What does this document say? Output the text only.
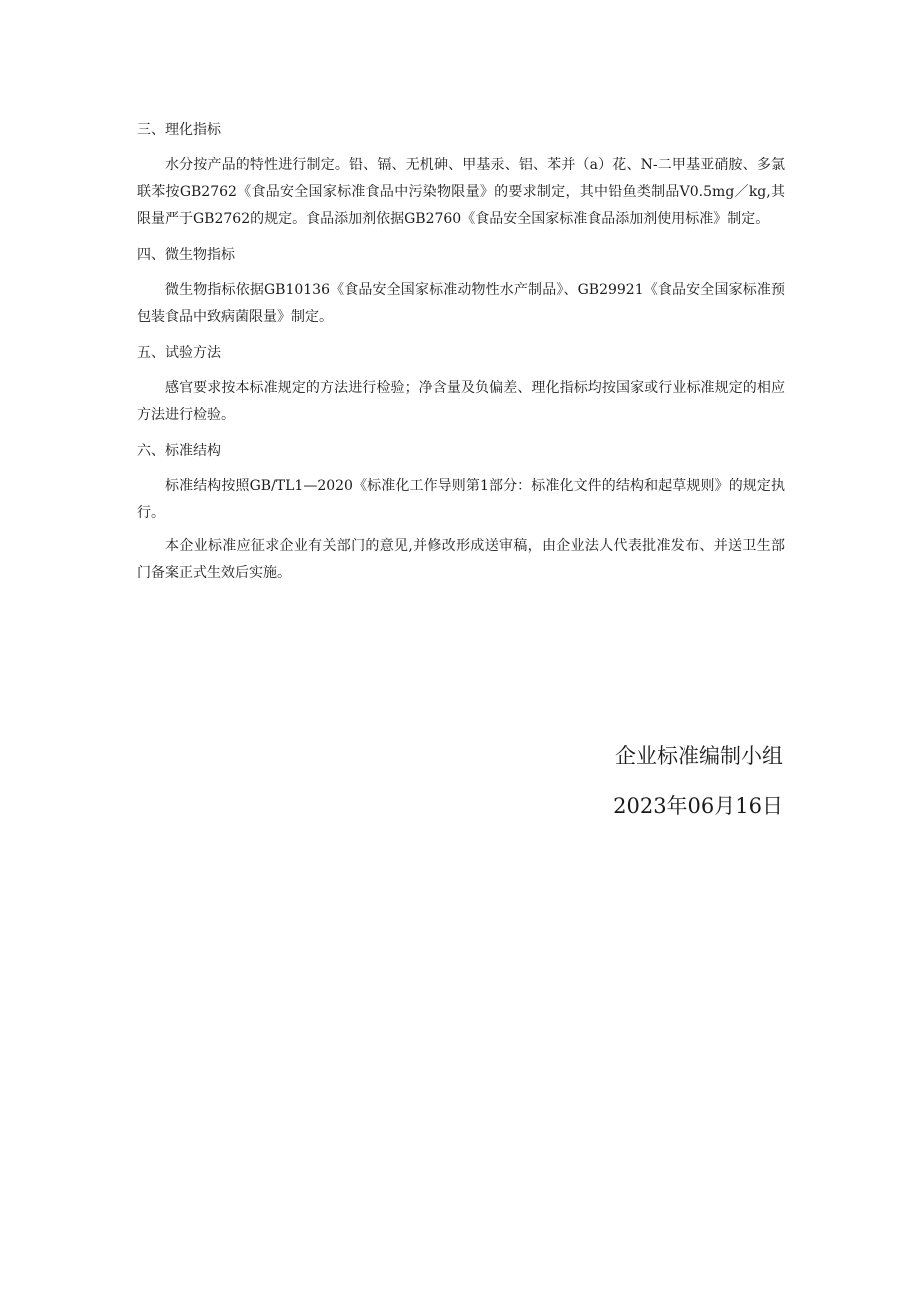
三、理化指标

水分按产品的特性进行制定。铅、镉、无机砷、甲基汞、铝、苯并（a）花、N-二甲基亚硝胺、多氯联苯按GB2762《食品安全国家标准食品中污染物限量》的要求制定，其中铅鱼类制品V0.5mg／kg,其限量严于GB2762的规定。食品添加剂依据GB2760《食品安全国家标准食品添加剂使用标准》制定。

四、微生物指标

微生物指标依据GB10136《食品安全国家标准动物性水产制品》、GB29921《食品安全国家标准预包装食品中致病菌限量》制定。

五、试验方法

感官要求按本标准规定的方法进行检验；净含量及负偏差、理化指标均按国家或行业标准规定的相应方法进行检验。

六、标准结构

标准结构按照GB/TL1—2020《标准化工作导则第1部分：标准化文件的结构和起草规则》的规定执行。

本企业标准应征求企业有关部门的意见,并修改形成送审稿，由企业法人代表批准发布、并送卫生部门备案正式生效后实施。

企业标准编制小组
2023年06月16日
